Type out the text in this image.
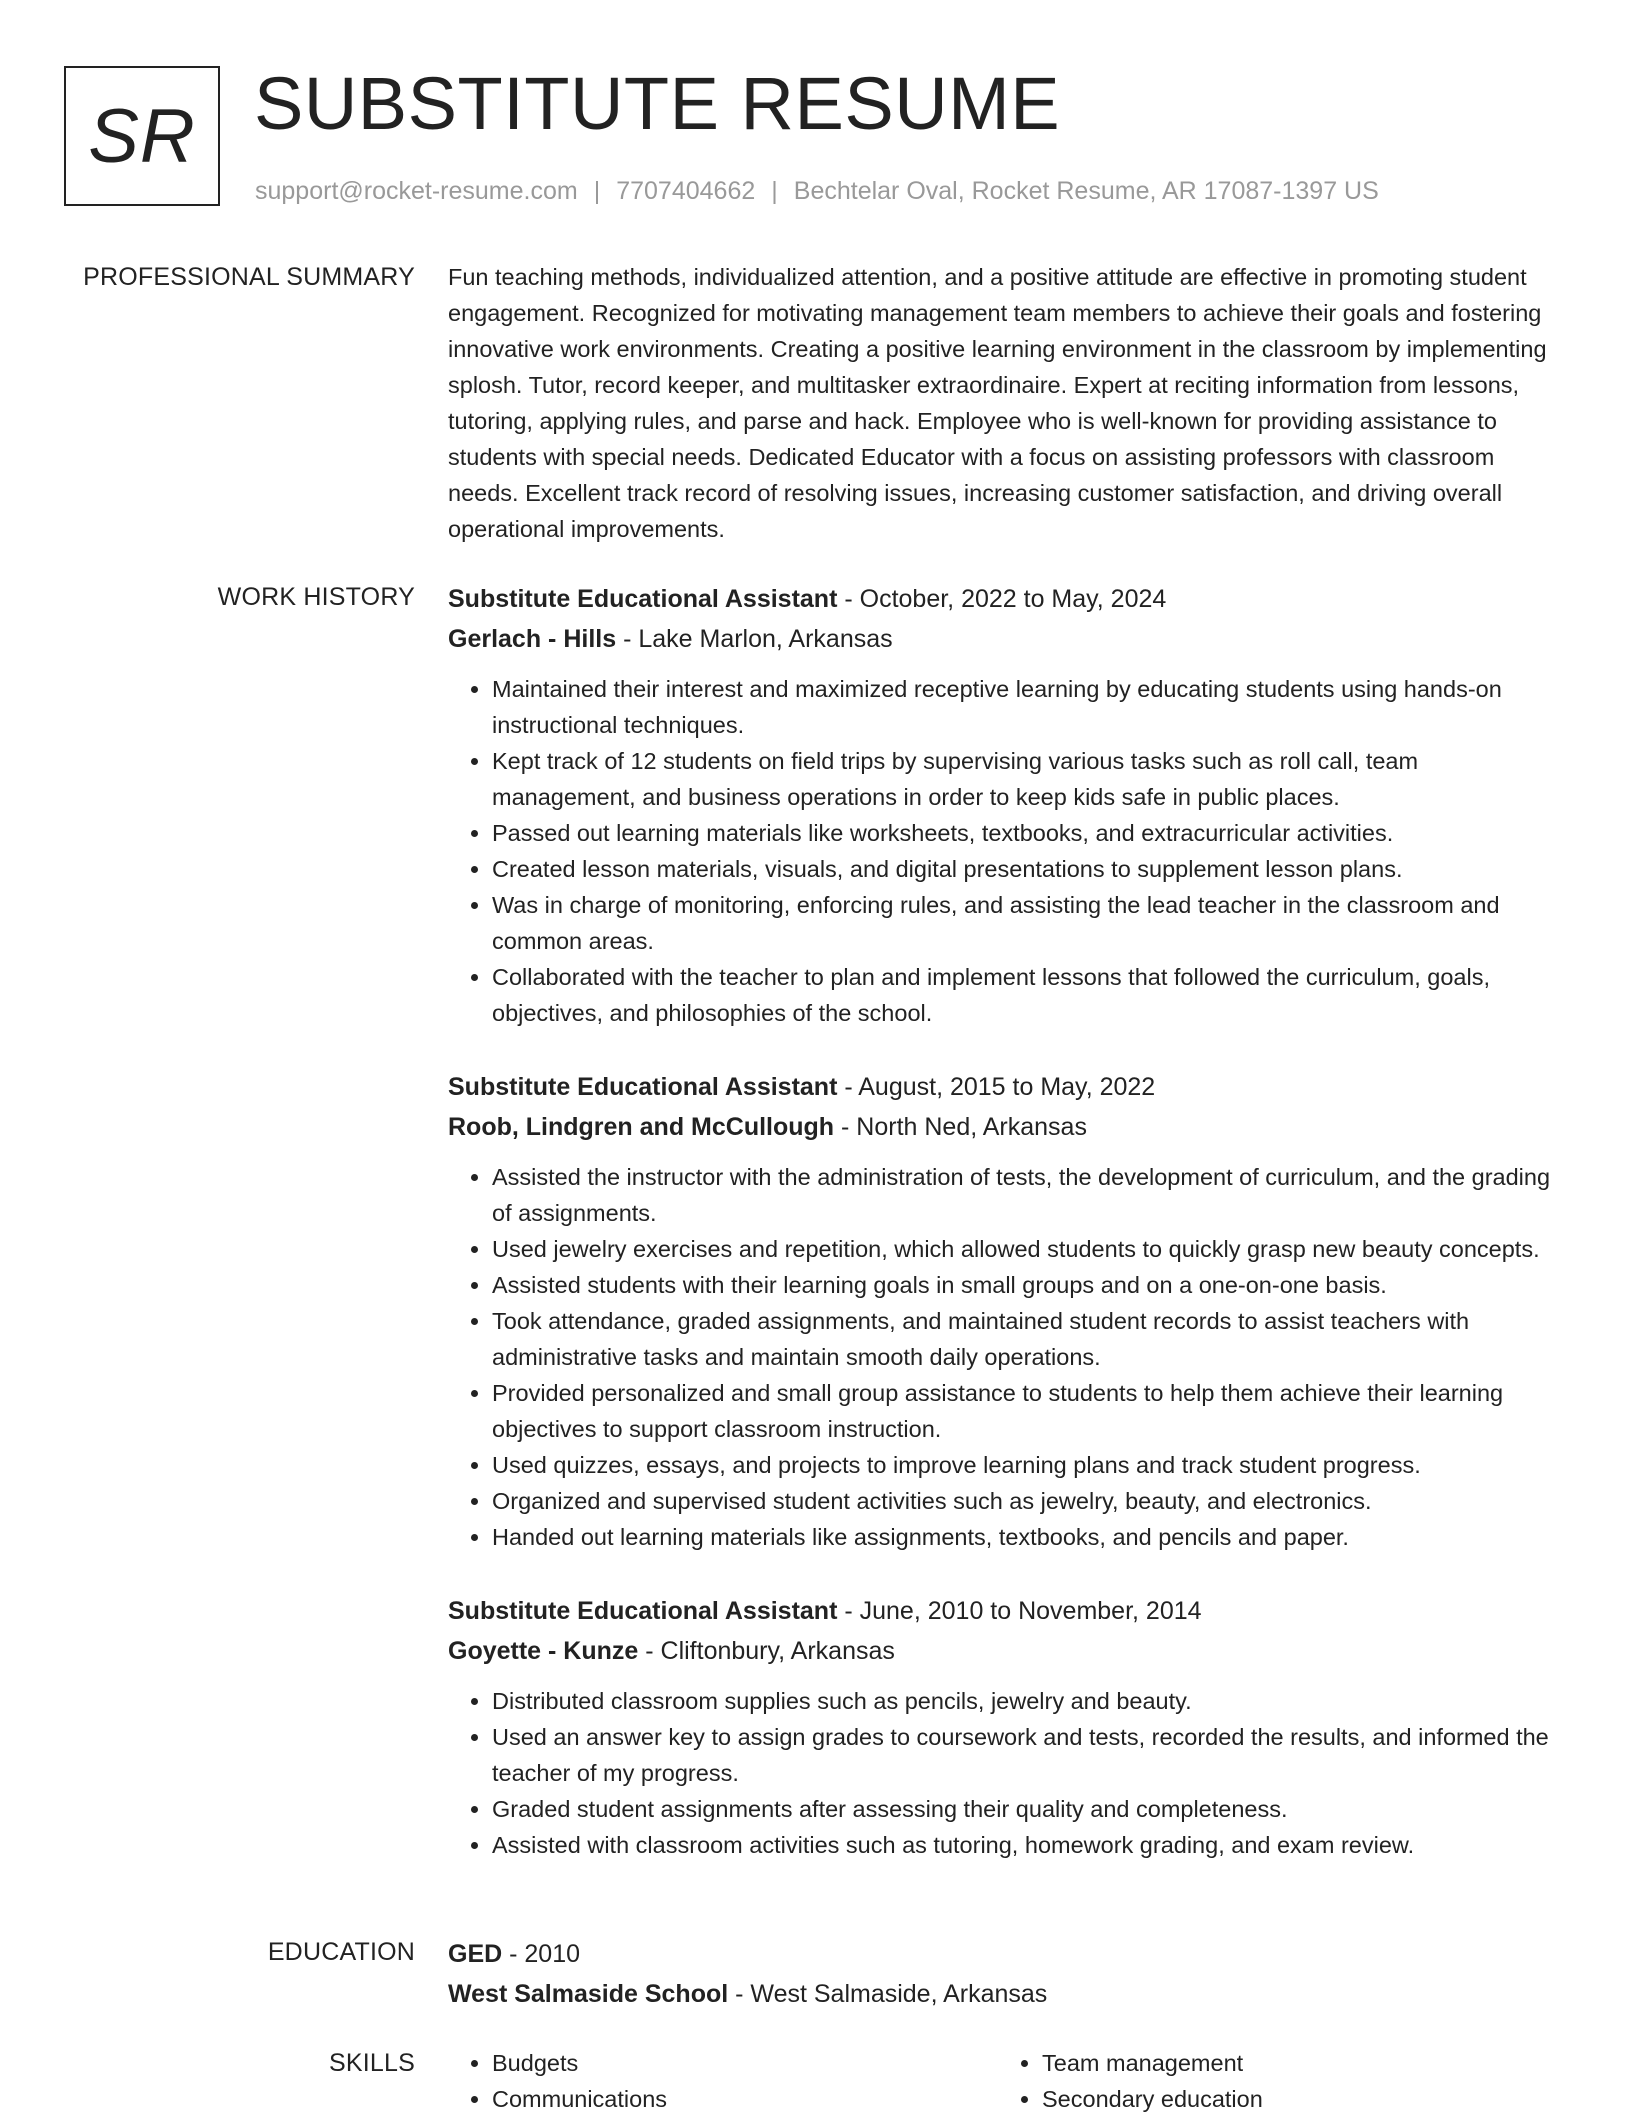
SR SUBSTITUTE RESUME
support@rocket-resume.com | 7707404662 | Bechtelar Oval, Rocket Resume, AR 17087-1397 US
PROFESSIONAL SUMMARY Fun teaching methods, individualized attention, and a positive attitude are effective in promoting student engagement. Recognized for motivating management team members to achieve their goals and fostering innovative work environments. Creating a positive learning environment in the classroom by implementing splosh. Tutor, record keeper, and multitasker extraordinaire. Expert at reciting information from lessons, tutoring, applying rules, and parse and hack. Employee who is well-known for providing assistance to students with special needs. Dedicated Educator with a focus on assisting professors with classroom needs. Excellent track record of resolving issues, increasing customer satisfaction, and driving overall operational improvements.

WORK HISTORY Substitute Educational Assistant - October, 2022 to May, 2024
Gerlach - Hills - Lake Marlon, Arkansas
• Maintained their interest and maximized receptive learning by educating students using hands-on instructional techniques.
• Kept track of 12 students on field trips by supervising various tasks such as roll call, team management, and business operations in order to keep kids safe in public places.
• Passed out learning materials like worksheets, textbooks, and extracurricular activities.
• Created lesson materials, visuals, and digital presentations to supplement lesson plans.
• Was in charge of monitoring, enforcing rules, and assisting the lead teacher in the classroom and common areas.
• Collaborated with the teacher to plan and implement lessons that followed the curriculum, goals, objectives, and philosophies of the school.
Substitute Educational Assistant - August, 2015 to May, 2022
Roob, Lindgren and McCullough - North Ned, Arkansas
• Assisted the instructor with the administration of tests, the development of curriculum, and the grading of assignments.
• Used jewelry exercises and repetition, which allowed students to quickly grasp new beauty concepts.
• Assisted students with their learning goals in small groups and on a one-on-one basis.
• Took attendance, graded assignments, and maintained student records to assist teachers with administrative tasks and maintain smooth daily operations.
• Provided personalized and small group assistance to students to help them achieve their learning objectives to support classroom instruction.
• Used quizzes, essays, and projects to improve learning plans and track student progress.
• Organized and supervised student activities such as jewelry, beauty, and electronics.
• Handed out learning materials like assignments, textbooks, and pencils and paper.
Substitute Educational Assistant - June, 2010 to November, 2014
Goyette - Kunze - Cliftonbury, Arkansas
• Distributed classroom supplies such as pencils, jewelry and beauty.
• Used an answer key to assign grades to coursework and tests, recorded the results, and informed the teacher of my progress.
• Graded student assignments after assessing their quality and completeness.
• Assisted with classroom activities such as tutoring, homework grading, and exam review.
EDUCATION GED - 2010
West Salmaside School - West Salmaside, Arkansas
SKILLS
•	Budgets
• Communications
• Team management
• Secondary education
